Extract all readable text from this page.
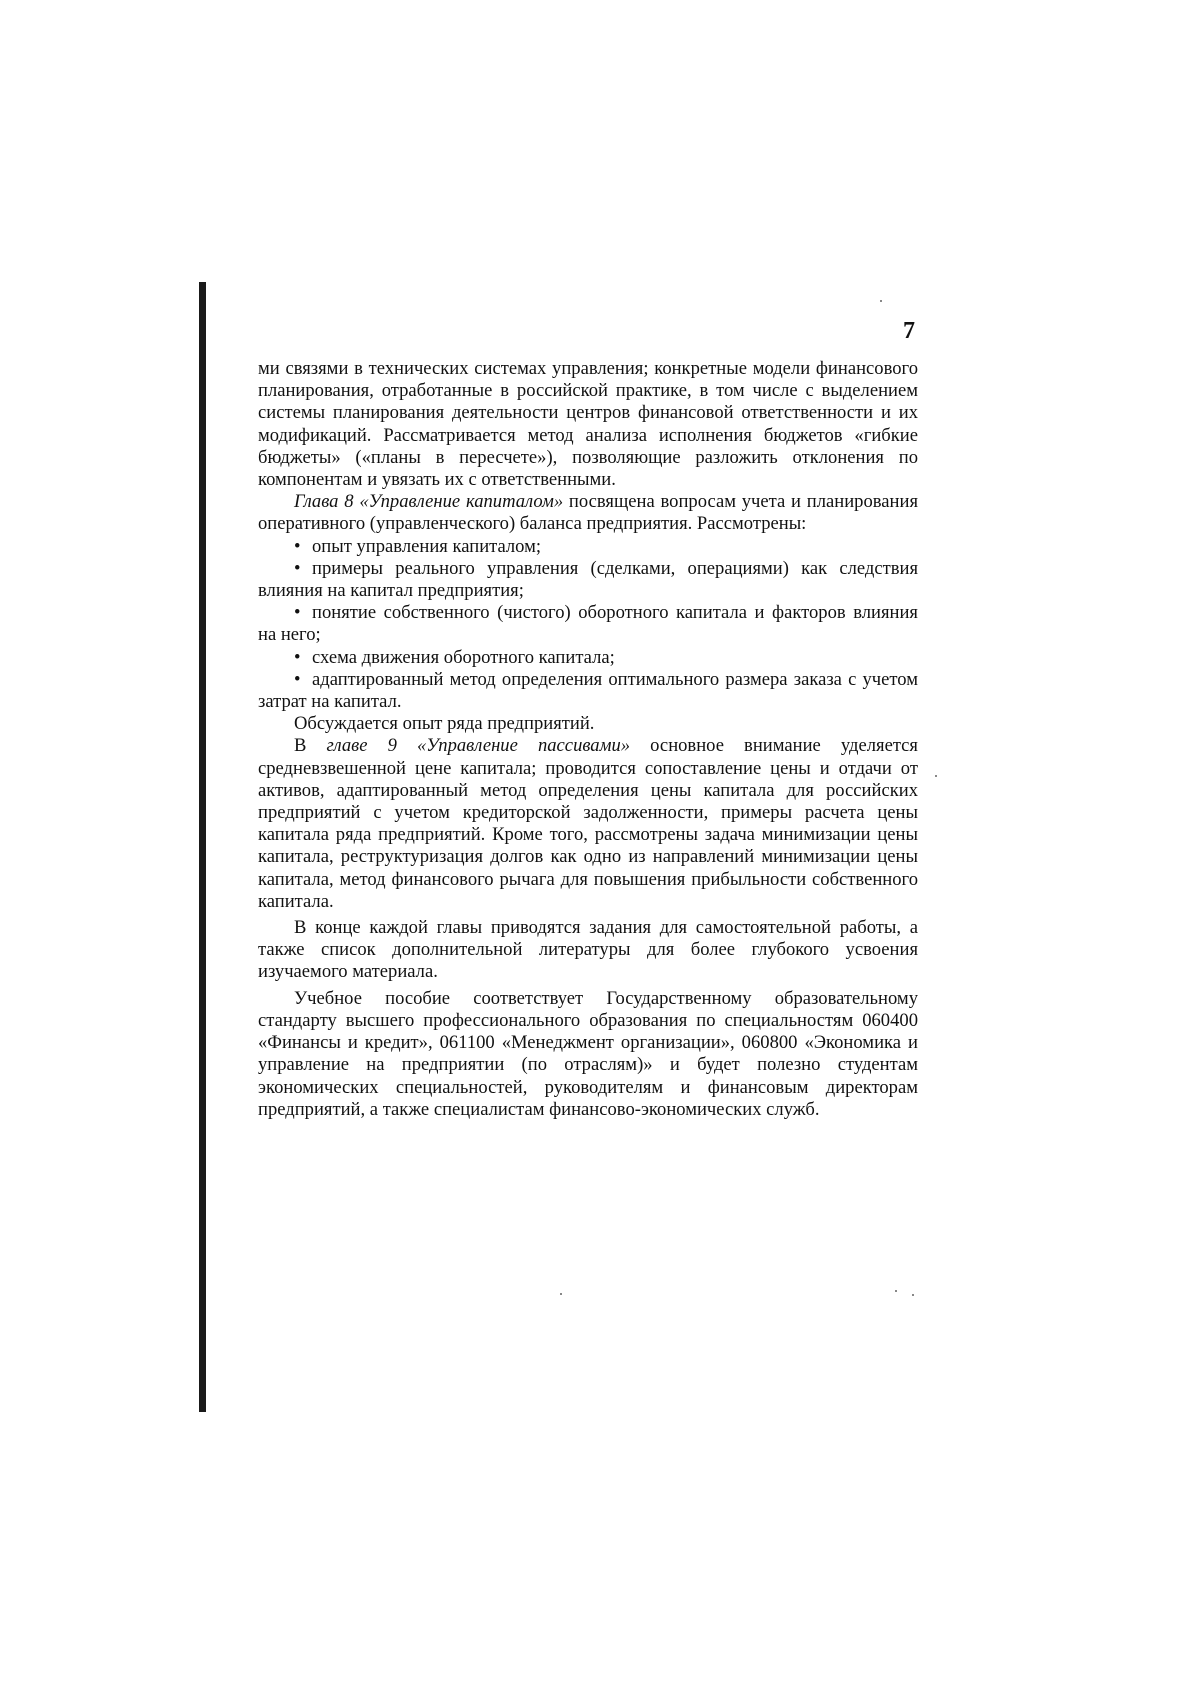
7

ми связями в технических системах управления; конкретные модели финансового планирования, отработанные в российской практике, в том числе с выделением системы планирования деятельности центров финансовой ответственности и их модификаций. Рассматривается метод анализа исполнения бюджетов «гибкие бюджеты» («планы в пересчете»), позволяющие разложить отклонения по компонентам и увязать их с ответственными.

Глава 8 «Управление капиталом» посвящена вопросам учета и планирования оперативного (управленческого) баланса предприятия. Рассмотрены:

• опыт управления капиталом;

• примеры реального управления (сделками, операциями) как следствия влияния на капитал предприятия;

• понятие собственного (чистого) оборотного капитала и факторов влияния на него;

• схема движения оборотного капитала;

• адаптированный метод определения оптимального размера заказа с учетом затрат на капитал.

Обсуждается опыт ряда предприятий.

В главе 9 «Управление пассивами» основное внимание уделяется средневзвешенной цене капитала; проводится сопоставление цены и отдачи от активов, адаптированный метод определения цены капитала для российских предприятий с учетом кредиторской задолженности, примеры расчета цены капитала ряда предприятий. Кроме того, рассмотрены задача минимизации цены капитала, реструктуризация долгов как одно из направлений минимизации цены капитала, метод финансового рычага для повышения прибыльности собственного капитала.

В конце каждой главы приводятся задания для самостоятельной работы, а также список дополнительной литературы для более глубокого усвоения изучаемого материала.

Учебное пособие соответствует Государственному образовательному стандарту высшего профессионального образования по специальностям 060400 «Финансы и кредит», 061100 «Менеджмент организации», 060800 «Экономика и управление на предприятии (по отраслям)» и будет полезно студентам экономических специальностей, руководителям и финансовым директорам предприятий, а также специалистам финансово-экономических служб.
